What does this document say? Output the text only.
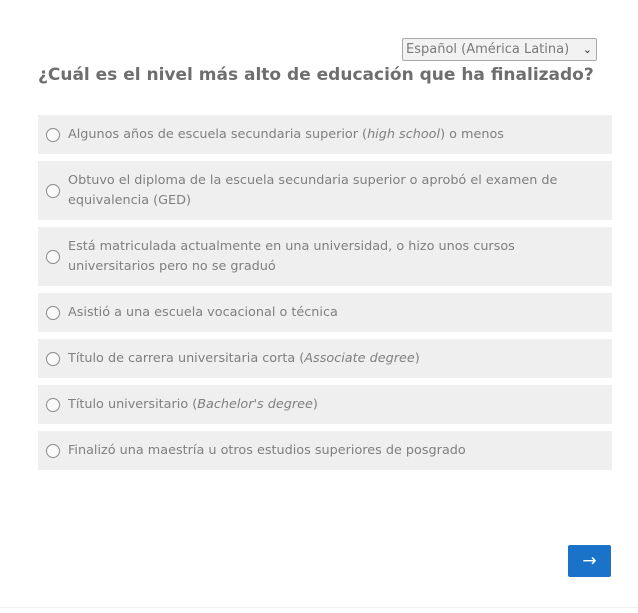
Español (América Latina) ⌄
¿Cuál es el nivel más alto de educación que ha finalizado?
Algunos años de escuela secundaria superior (high school) o menos
Obtuvo el diploma de la escuela secundaria superior o aprobó el examen de equivalencia (GED)
Está matriculada actualmente en una universidad, o hizo unos cursos universitarios pero no se graduó
Asistió a una escuela vocacional o técnica
Título de carrera universitaria corta (Associate degree)
Título universitario (Bachelor's degree)
Finalizó una maestría u otros estudios superiores de posgrado
→
